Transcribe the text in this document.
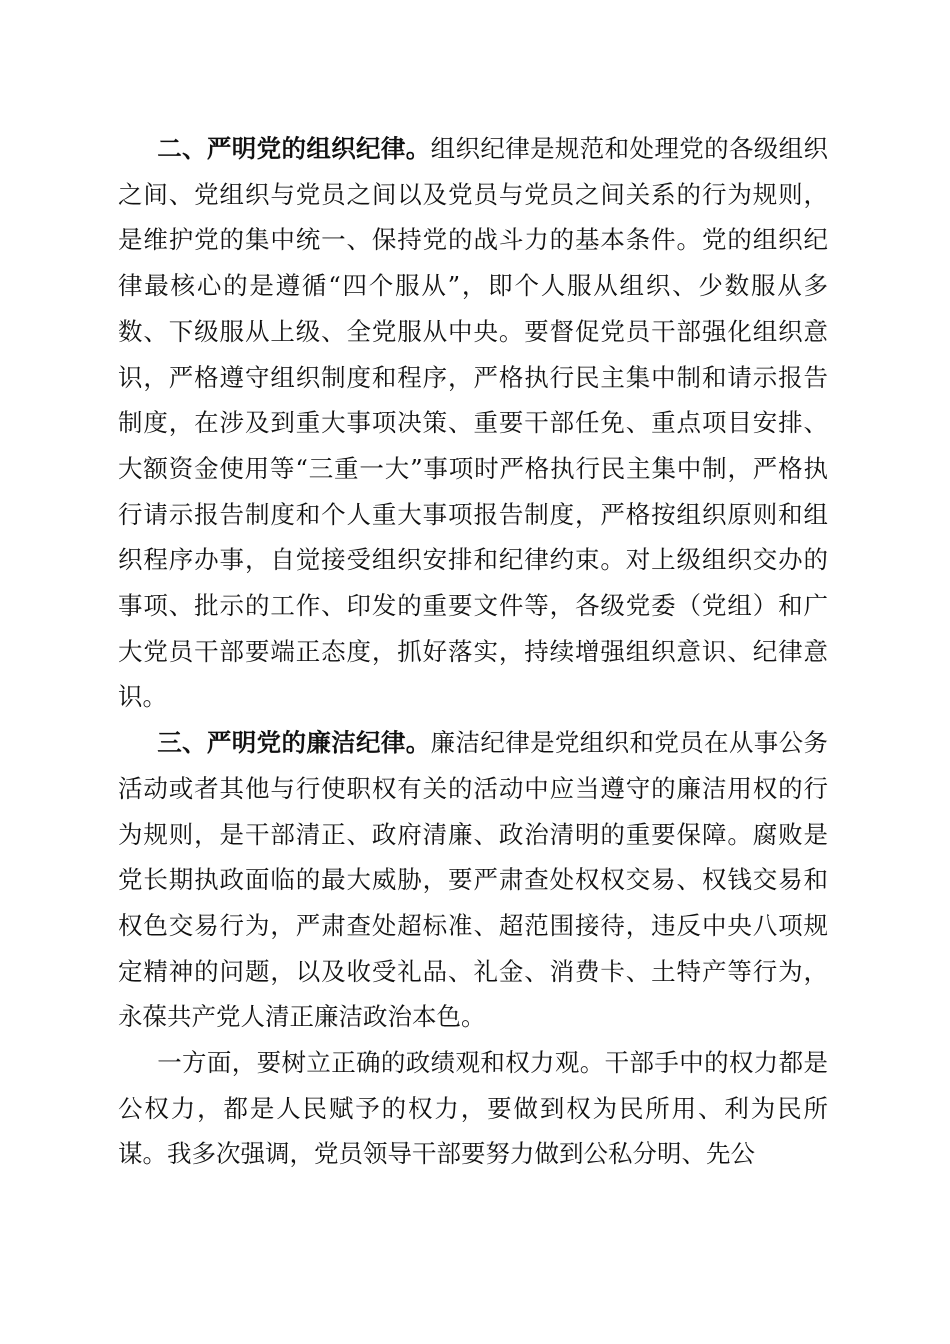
二、严明党的组织纪律。组织纪律是规范和处理党的各级组织之间、党组织与党员之间以及党员与党员之间关系的行为规则，是维护党的集中统一、保持党的战斗力的基本条件。党的组织纪律最核心的是遵循“四个服从”，即个人服从组织、少数服从多数、下级服从上级、全党服从中央。要督促党员干部强化组织意识，严格遵守组织制度和程序，严格执行民主集中制和请示报告制度，在涉及到重大事项决策、重要干部任免、重点项目安排、大额资金使用等“三重一大”事项时严格执行民主集中制，严格执行请示报告制度和个人重大事项报告制度，严格按组织原则和组织程序办事，自觉接受组织安排和纪律约束。对上级组织交办的事项、批示的工作、印发的重要文件等，各级党委（党组）和广大党员干部要端正态度，抓好落实，持续增强组织意识、纪律意识。

三、严明党的廉洁纪律。廉洁纪律是党组织和党员在从事公务活动或者其他与行使职权有关的活动中应当遵守的廉洁用权的行为规则，是干部清正、政府清廉、政治清明的重要保障。腐败是党长期执政面临的最大威胁，要严肃查处权权交易、权钱交易和权色交易行为，严肃查处超标准、超范围接待，违反中央八项规定精神的问题，以及收受礼品、礼金、消费卡、土特产等行为，永葆共产党人清正廉洁政治本色。

一方面，要树立正确的政绩观和权力观。干部手中的权力都是公权力，都是人民赋予的权力，要做到权为民所用、利为民所谋。我多次强调，党员领导干部要努力做到公私分明、先公
